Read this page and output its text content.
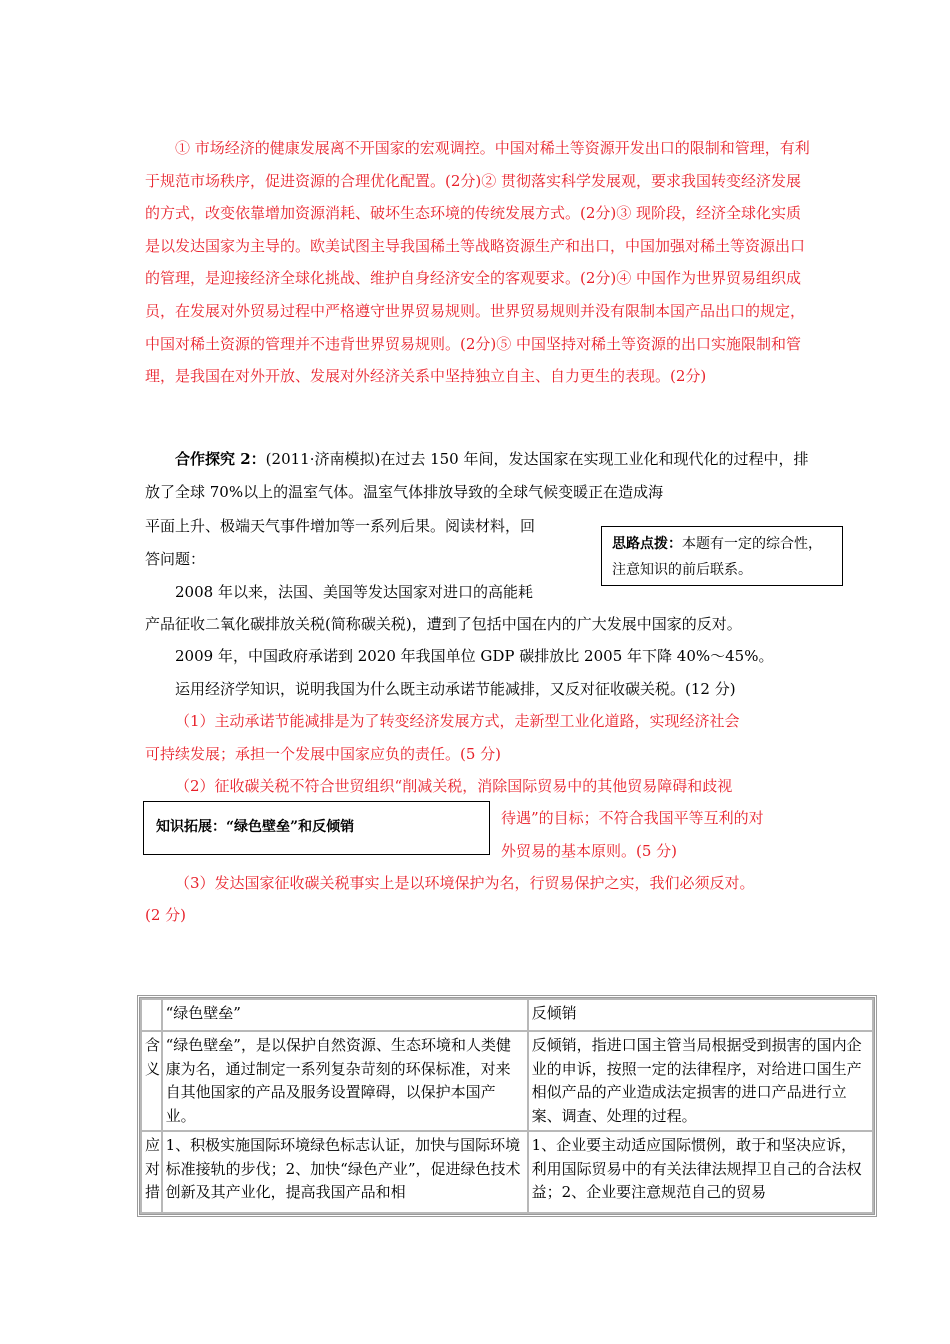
① 市场经济的健康发展离不开国家的宏观调控。中国对稀土等资源开发出口的限制和管理，有利于规范市场秩序，促进资源的合理优化配置。(2分)② 贯彻落实科学发展观，要求我国转变经济发展的方式，改变依靠增加资源消耗、破坏生态环境的传统发展方式。(2分)③ 现阶段，经济全球化实质是以发达国家为主导的。欧美试图主导我国稀土等战略资源生产和出口，中国加强对稀土等资源出口的管理，是迎接经济全球化挑战、维护自身经济安全的客观要求。(2分)④ 中国作为世界贸易组织成员，在发展对外贸易过程中严格遵守世界贸易规则。世界贸易规则并没有限制本国产品出口的规定，中国对稀土资源的管理并不违背世界贸易规则。(2分)⑤ 中国坚持对稀土等资源的出口实施限制和管理，是我国在对外开放、发展对外经济关系中坚持独立自主、自力更生的表现。(2分)

合作探究 2：(2011·济南模拟)在过去 150 年间，发达国家在实现工业化和现代化的过程中，排放了全球 70%以上的温室气体。温室气体排放导致的全球气候变暖正在造成海

平面上升、极端天气事件增加等一系列后果。阅读材料，回

答问题：

2008 年以来，法国、美国等发达国家对进口的高能耗

产品征收二氧化碳排放关税(简称碳关税)，遭到了包括中国在内的广大发展中国家的反对。

2009 年，中国政府承诺到 2020 年我国单位 GDP 碳排放比 2005 年下降 40%～45%。

运用经济学知识，说明我国为什么既主动承诺节能减排，又反对征收碳关税。(12 分)

（1）主动承诺节能减排是为了转变经济发展方式，走新型工业化道路，实现经济社会

可持续发展；承担一个发展中国家应负的责任。(5 分)

（2）征收碳关税不符合世贸组织“削减关税，消除国际贸易中的其他贸易障碍和歧视

待遇”的目标；不符合我国平等互利的对

外贸易的基本原则。(5 分)

（3）发达国家征收碳关税事实上是以环境保护为名，行贸易保护之实，我们必须反对。

(2 分)

思路点拨：本题有一定的综合性，注意知识的前后联系。
知识拓展：“绿色壁垒”和反倾销
	“绿色壁垒”	反倾销
含义	“绿色壁垒”，是以保护自然资源、生态环境和人类健康为名，通过制定一系列复杂苛刻的环保标准，对来自其他国家的产品及服务设置障碍，以保护本国产业。	反倾销，指进口国主管当局根据受到损害的国内企业的申诉，按照一定的法律程序，对给进口国生产相似产品的产业造成法定损害的进口产品进行立案、调查、处理的过程。
应对措	1、积极实施国际环境绿色标志认证，加快与国际环境标准接轨的步伐；2、加快“绿色产业”，促进绿色技术创新及其产业化，提高我国产品和相	1、企业要主动适应国际惯例，敢于和坚决应诉，利用国际贸易中的有关法律法规捍卫自己的合法权益；2、企业要注意规范自己的贸易
